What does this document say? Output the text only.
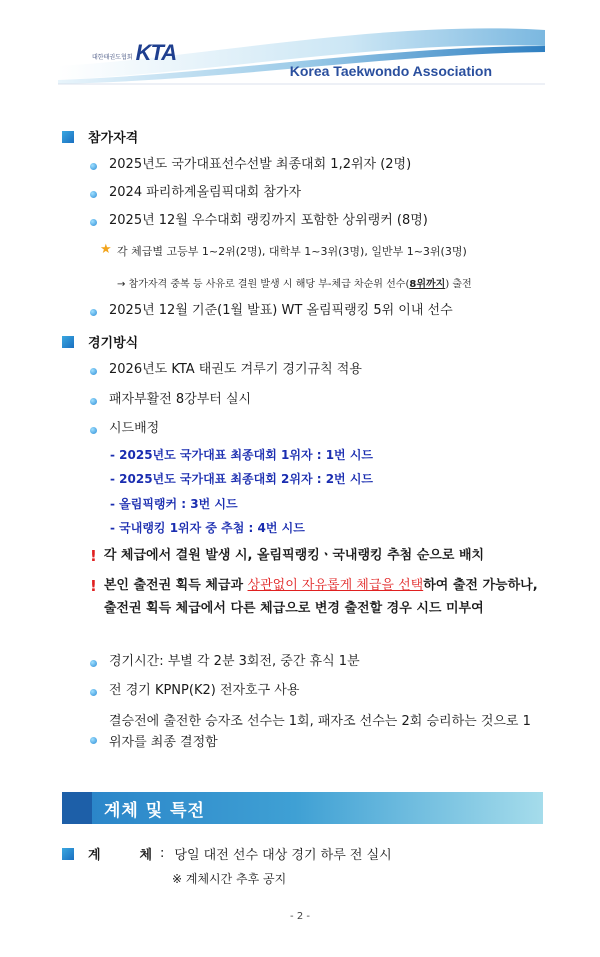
대한태권도협회 KTA
Korea Taekwondo Association
참가자격
2025년도 국가대표선수선발 최종대회 1,2위자 (2명)
2024 파리하계올림픽대회 참가자
2025년 12월 우수대회 랭킹까지 포함한 상위랭커 (8명)
★ 각 체급별 고등부 1~2위(2명), 대학부 1~3위(3명), 일반부 1~3위(3명)
→ 참가자격 중복 등 사유로 결원 발생 시 해당 부-체급 차순위 선수(8위까지) 출전
2025년 12월 기준(1월 발표) WT 올림픽랭킹 5위 이내 선수
경기방식
2026년도 KTA 태권도 겨루기 경기규칙 적용
패자부활전 8강부터 실시
시드배정
- 2025년도 국가대표 최종대회 1위자 : 1번 시드
- 2025년도 국가대표 최종대회 2위자 : 2번 시드
- 올림픽랭커 : 3번 시드
- 국내랭킹 1위자 중 추첨 : 4번 시드
! 각 체급에서 결원 발생 시, 올림픽랭킹ㆍ국내랭킹 추첨 순으로 배치
! 본인 출전권 획득 체급과 상관없이 자유롭게 체급을 선택하여 출전 가능하나, 출전권 획득 체급에서 다른 체급으로 변경 출전할 경우 시드 미부여
경기시간: 부별 각 2분 3회전, 중간 휴식 1분
전 경기 KPNP(K2) 전자호구 사용
결승전에 출전한 승자조 선수는 1회, 패자조 선수는 2회 승리하는 것으로 1위자를 최종 결정함
계체 및 특전
계	체 : 당일 대전 선수 대상 경기 하루 전 실시
※ 계체시간 추후 공지
- 2 -
